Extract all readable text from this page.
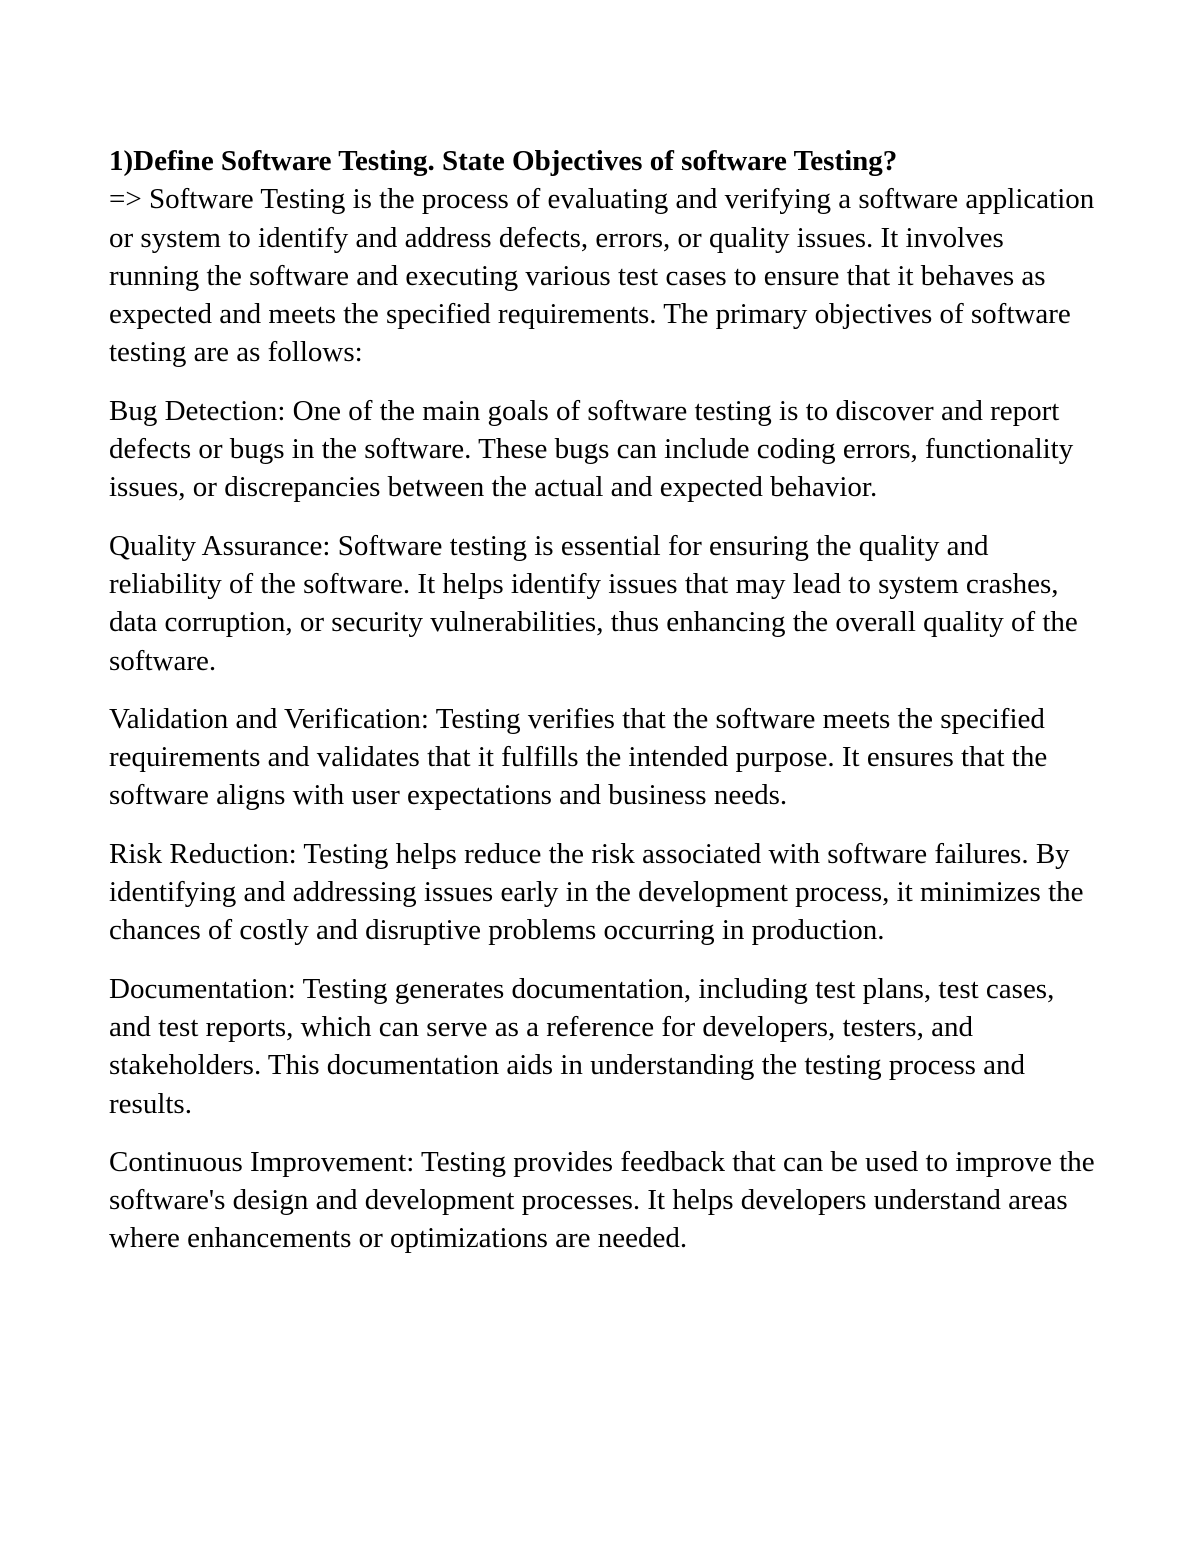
1)Define Software Testing. State Objectives of software Testing?

=> Software Testing is the process of evaluating and verifying a software application or system to identify and address defects, errors, or quality issues. It involves running the software and executing various test cases to ensure that it behaves as expected and meets the specified requirements. The primary objectives of software testing are as follows:

Bug Detection: One of the main goals of software testing is to discover and report defects or bugs in the software. These bugs can include coding errors, functionality issues, or discrepancies between the actual and expected behavior.

Quality Assurance: Software testing is essential for ensuring the quality and reliability of the software. It helps identify issues that may lead to system crashes, data corruption, or security vulnerabilities, thus enhancing the overall quality of the software.

Validation and Verification: Testing verifies that the software meets the specified requirements and validates that it fulfills the intended purpose. It ensures that the software aligns with user expectations and business needs.

Risk Reduction: Testing helps reduce the risk associated with software failures. By identifying and addressing issues early in the development process, it minimizes the chances of costly and disruptive problems occurring in production.

Documentation: Testing generates documentation, including test plans, test cases, and test reports, which can serve as a reference for developers, testers, and stakeholders. This documentation aids in understanding the testing process and results.

Continuous Improvement: Testing provides feedback that can be used to improve the software's design and development processes. It helps developers understand areas where enhancements or optimizations are needed.
